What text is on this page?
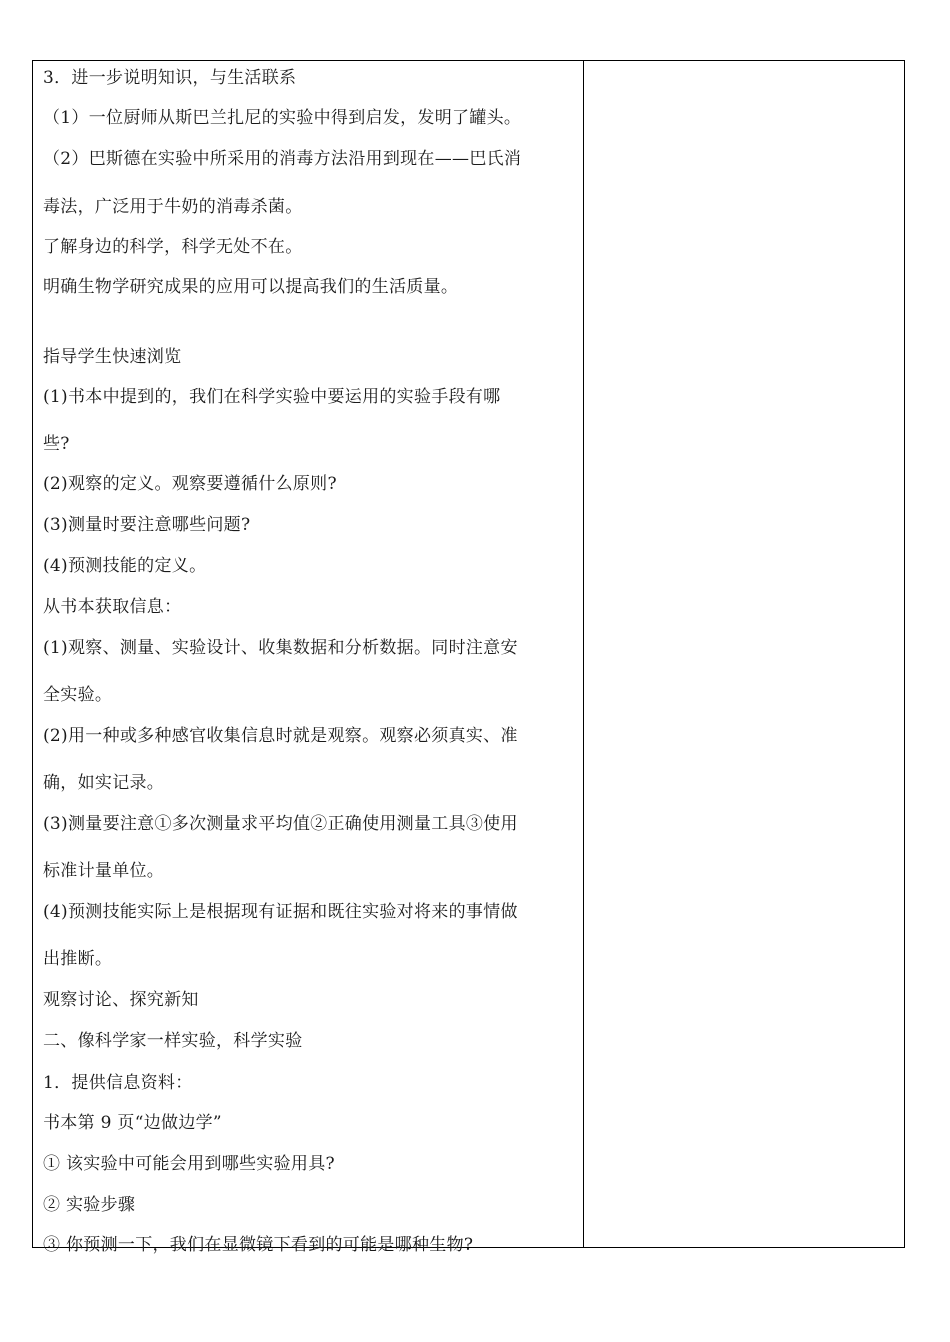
3．进一步说明知识，与生活联系
（1）一位厨师从斯巴兰扎尼的实验中得到启发，发明了罐头。
（2）巴斯德在实验中所采用的消毒方法沿用到现在——巴氏消
毒法，广泛用于牛奶的消毒杀菌。
了解身边的科学，科学无处不在。
明确生物学研究成果的应用可以提高我们的生活质量。
指导学生快速浏览
(1)书本中提到的，我们在科学实验中要运用的实验手段有哪
些?
(2)观察的定义。观察要遵循什么原则?
(3)测量时要注意哪些问题?
(4)预测技能的定义。
从书本获取信息：
(1)观察、测量、实验设计、收集数据和分析数据。同时注意安
全实验。
(2)用一种或多种感官收集信息时就是观察。观察必须真实、准
确，如实记录。
(3)测量要注意①多次测量求平均值②正确使用测量工具③使用
标准计量单位。
(4)预测技能实际上是根据现有证据和既往实验对将来的事情做
出推断。
观察讨论、探究新知
二、像科学家一样实验，科学实验
1．提供信息资料：
书本第 9 页“边做边学”
① 该实验中可能会用到哪些实验用具?
② 实验步骤
③ 你预测一下，我们在显微镜下看到的可能是哪种生物?
